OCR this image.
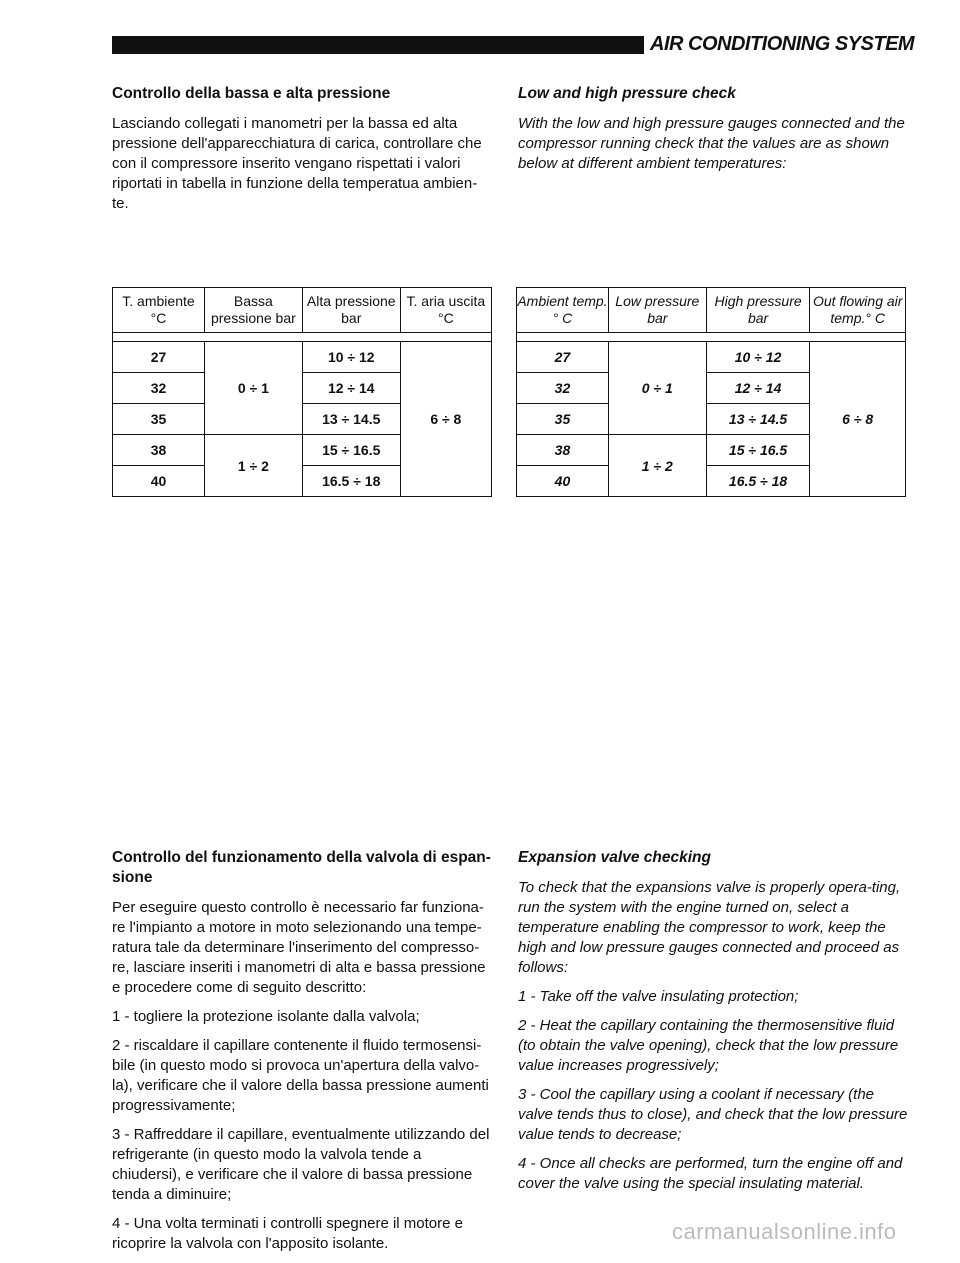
AIR CONDITIONING SYSTEM
Controllo della bassa e alta pressione

Lasciando collegati i manometri per la bassa ed alta pressione dell'apparecchiatura di carica, controllare che con il compressore inserito vengano rispettati i valori riportati in tabella in funzione della temperatua ambien-te.

Low and high pressure check

With the low and high pressure gauges connected and the compressor running check that the values are as shown below at different ambient temperatures:

T. ambiente °C	Bassa pressione bar	Alta pressione bar	T. aria uscita °C

27	0 ÷ 1	10 ÷ 12	6 ÷ 8
32		12 ÷ 14	
35		13 ÷ 14.5	
38	1 ÷ 2	15 ÷ 16.5	
40		16.5 ÷ 18	
Ambient temp. ° C	Low pressure bar	High pressure bar	Out flowing air temp.° C

27	0 ÷ 1	10 ÷ 12	6 ÷ 8
32		12 ÷ 14	
35		13 ÷ 14.5	
38	1 ÷ 2	15 ÷ 16.5	
40		16.5 ÷ 18	
Controllo del funzionamento della valvola di espan-sione

Per eseguire questo controllo è necessario far funziona-re l'impianto a motore in moto selezionando una tempe-ratura tale da determinare l'inserimento del compresso-re, lasciare inseriti i manometri di alta e bassa pressione e procedere come di seguito descritto:

1 - togliere la protezione isolante dalla valvola;

2 - riscaldare il capillare contenente il fluido termosensi-bile (in questo modo si provoca un'apertura della valvo-la), verificare che il valore della bassa pressione aumenti progressivamente;

3 - Raffreddare il capillare, eventualmente utilizzando del refrigerante (in questo modo la valvola tende a chiudersi), e verificare che il valore di bassa pressione tenda a diminuire;

4 - Una volta terminati i controlli spegnere il motore e ricoprire la valvola con l'apposito isolante.

Expansion valve checking

To check that the expansions valve is properly opera-ting, run the system with the engine turned on, select a temperature enabling the compressor to work, keep the high and low pressure gauges connected and proceed as follows:

1 - Take off the valve insulating protection;

2 - Heat the capillary containing the thermosensitive fluid (to obtain the valve opening), check that the low pressure value increases progressively;

3 - Cool the capillary using a coolant if necessary (the valve tends thus to close), and check that the low pressure value tends to decrease;

4 - Once all checks are performed, turn the engine off and cover the valve using the special insulating material.

carmanualsonline.info
